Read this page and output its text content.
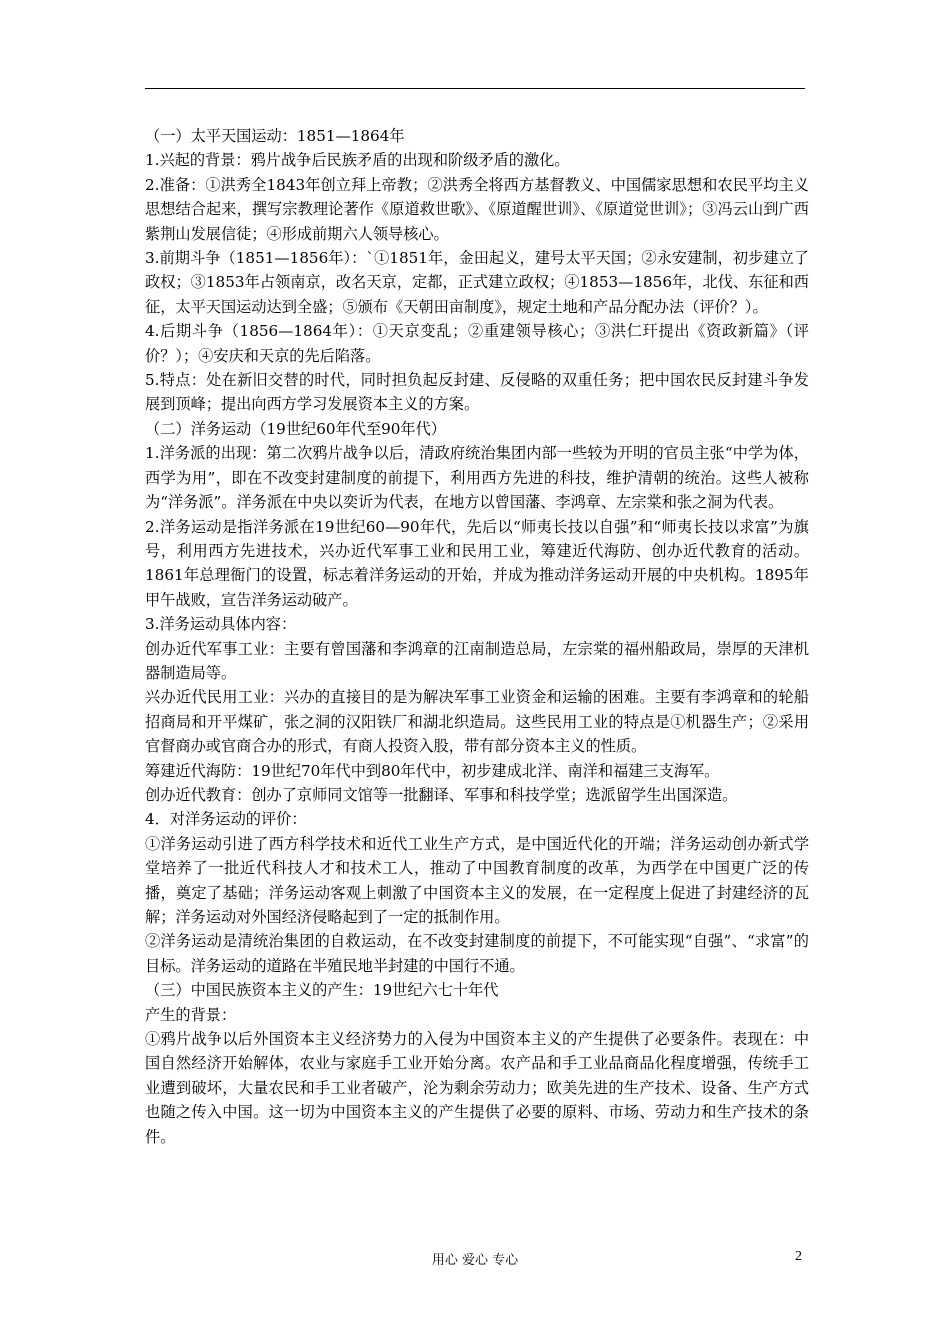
（一）太平天国运动：1851—1864年

1.兴起的背景：鸦片战争后民族矛盾的出现和阶级矛盾的激化。

2.准备：①洪秀全1843年创立拜上帝教；②洪秀全将西方基督教义、中国儒家思想和农民平均主义思想结合起来，撰写宗教理论著作《原道救世歌》、《原道醒世训》、《原道觉世训》；③冯云山到广西紫荆山发展信徒；④形成前期六人领导核心。

3.前期斗争（1851—1856年）：`①1851年，金田起义，建号太平天国；②永安建制，初步建立了政权；③1853年占领南京，改名天京，定都，正式建立政权；④1853—1856年，北伐、东征和西征，太平天国运动达到全盛；⑤颁布《天朝田亩制度》，规定土地和产品分配办法（评价？）。

4.后期斗争（1856—1864年）：①天京变乱；②重建领导核心；③洪仁玕提出《资政新篇》（评价？）；④安庆和天京的先后陷落。

5.特点：处在新旧交替的时代，同时担负起反封建、反侵略的双重任务；把中国农民反封建斗争发展到顶峰；提出向西方学习发展资本主义的方案。

（二）洋务运动（19世纪60年代至90年代）

1.洋务派的出现：第二次鸦片战争以后，清政府统治集团内部一些较为开明的官员主张“中学为体，西学为用”，即在不改变封建制度的前提下，利用西方先进的科技，维护清朝的统治。这些人被称为“洋务派”。洋务派在中央以奕䜣为代表，在地方以曾国藩、李鸿章、左宗棠和张之洞为代表。

2.洋务运动是指洋务派在19世纪60—90年代，先后以“师夷长技以自强”和“师夷长技以求富”为旗号，利用西方先进技术，兴办近代军事工业和民用工业，筹建近代海防、创办近代教育的活动。1861年总理衙门的设置，标志着洋务运动的开始，并成为推动洋务运动开展的中央机构。1895年甲午战败，宣告洋务运动破产。

3.洋务运动具体内容：

创办近代军事工业：主要有曾国藩和李鸿章的江南制造总局，左宗棠的福州船政局，崇厚的天津机器制造局等。

兴办近代民用工业：兴办的直接目的是为解决军事工业资金和运输的困难。主要有李鸿章和的轮船招商局和开平煤矿，张之洞的汉阳铁厂和湖北织造局。这些民用工业的特点是①机器生产；②采用官督商办或官商合办的形式，有商人投资入股，带有部分资本主义的性质。

筹建近代海防：19世纪70年代中到80年代中，初步建成北洋、南洋和福建三支海军。

创办近代教育：创办了京师同文馆等一批翻译、军事和科技学堂；选派留学生出国深造。

4．对洋务运动的评价：

①洋务运动引进了西方科学技术和近代工业生产方式，是中国近代化的开端；洋务运动创办新式学堂培养了一批近代科技人才和技术工人，推动了中国教育制度的改革，为西学在中国更广泛的传播，奠定了基础；洋务运动客观上刺激了中国资本主义的发展，在一定程度上促进了封建经济的瓦解；洋务运动对外国经济侵略起到了一定的抵制作用。

②洋务运动是清统治集团的自救运动，在不改变封建制度的前提下，不可能实现“自强”、“求富”的目标。洋务运动的道路在半殖民地半封建的中国行不通。

（三）中国民族资本主义的产生：19世纪六七十年代

产生的背景：

①鸦片战争以后外国资本主义经济势力的入侵为中国资本主义的产生提供了必要条件。表现在：中国自然经济开始解体，农业与家庭手工业开始分离。农产品和手工业品商品化程度增强，传统手工业遭到破坏，大量农民和手工业者破产，沦为剩余劳动力；欧美先进的生产技术、设备、生产方式也随之传入中国。这一切为中国资本主义的产生提供了必要的原料、市场、劳动力和生产技术的条件。

用心 爱心 专心	2
